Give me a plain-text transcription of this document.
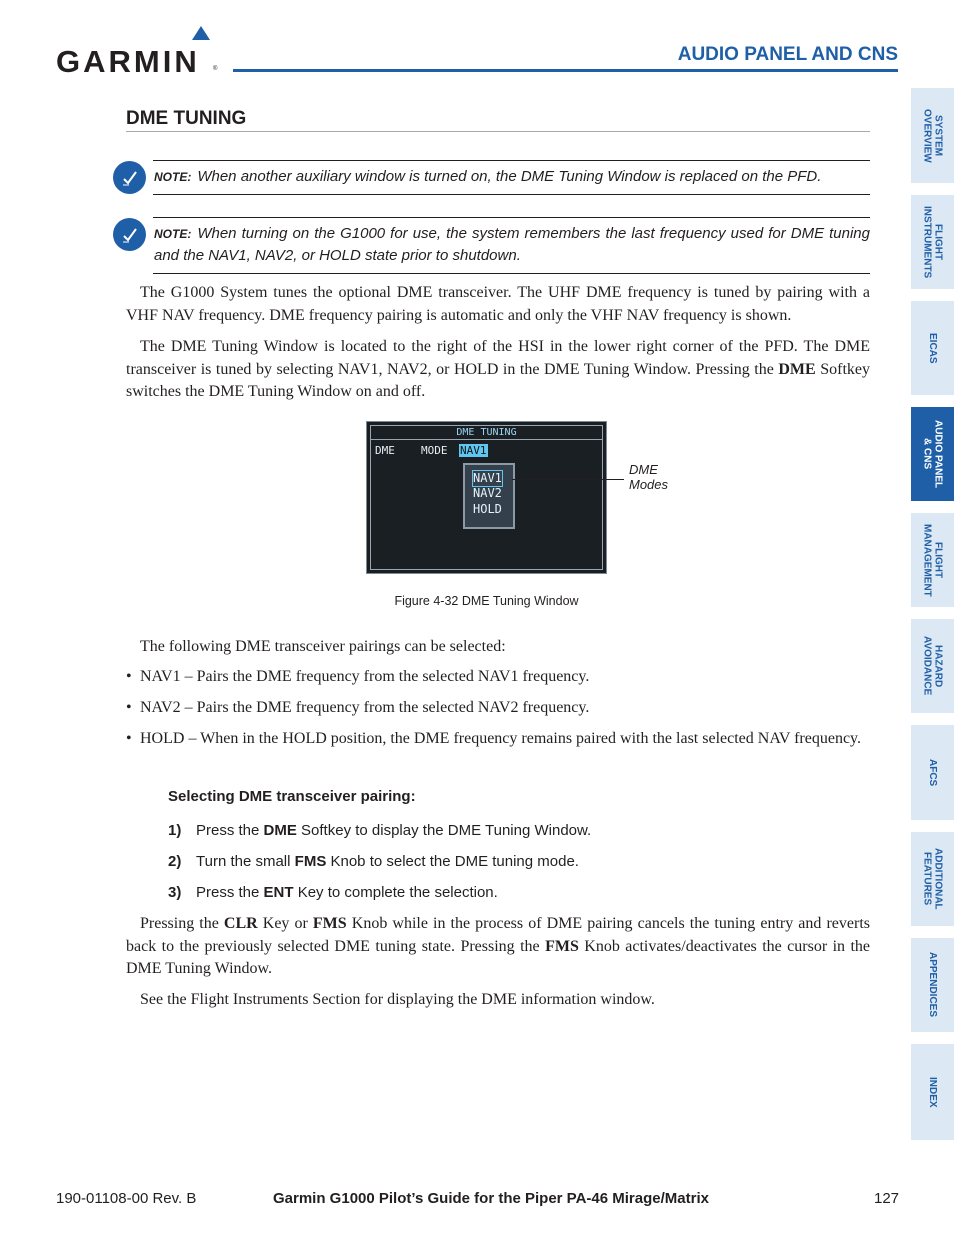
GARMIN ®
AUDIO PANEL AND CNS
SYSTEM
OVERVIEW
FLIGHT
INSTRUMENTS
EICAS
AUDIO PANEL
& CNS
FLIGHT
MANAGEMENT
HAZARD
AVOIDANCE
AFCS
ADDITIONAL
FEATURES
APPENDICES
INDEX
DME TUNING
NOTE: When another auxiliary window is turned on, the DME Tuning Window is replaced on the PFD.
NOTE: When turning on the G1000 for use, the system remembers the last frequency used for DME tuning and the NAV1, NAV2, or HOLD state prior to shutdown.
The G1000 System tunes the optional DME transceiver. The UHF DME frequency is tuned by pairing with a VHF NAV frequency. DME frequency pairing is automatic and only the VHF NAV frequency is shown.
The DME Tuning Window is located to the right of the HSI in the lower right corner of the PFD. The DME transceiver is tuned by selecting NAV1, NAV2, or HOLD in the DME Tuning Window. Pressing the DME Softkey switches the DME Tuning Window on and off.
DME TUNING
DME MODE NAV1
NAV1
NAV2
HOLD
DME
Modes
Figure 4-32 DME Tuning Window
The following DME transceiver pairings can be selected:
• NAV1 – Pairs the DME frequency from the selected NAV1 frequency.
• NAV2 – Pairs the DME frequency from the selected NAV2 frequency.
• HOLD – When in the HOLD position, the DME frequency remains paired with the last selected NAV frequency.
Selecting DME transceiver pairing:
1) Press the DME Softkey to display the DME Tuning Window.
2) Turn the small FMS Knob to select the DME tuning mode.
3) Press the ENT Key to complete the selection.
Pressing the CLR Key or FMS Knob while in the process of DME pairing cancels the tuning entry and reverts back to the previously selected DME tuning state. Pressing the FMS Knob activates/deactivates the cursor in the DME Tuning Window.
See the Flight Instruments Section for displaying the DME information window.
190-01108-00 Rev. B	Garmin G1000 Pilot’s Guide for the Piper PA-46 Mirage/Matrix	127
